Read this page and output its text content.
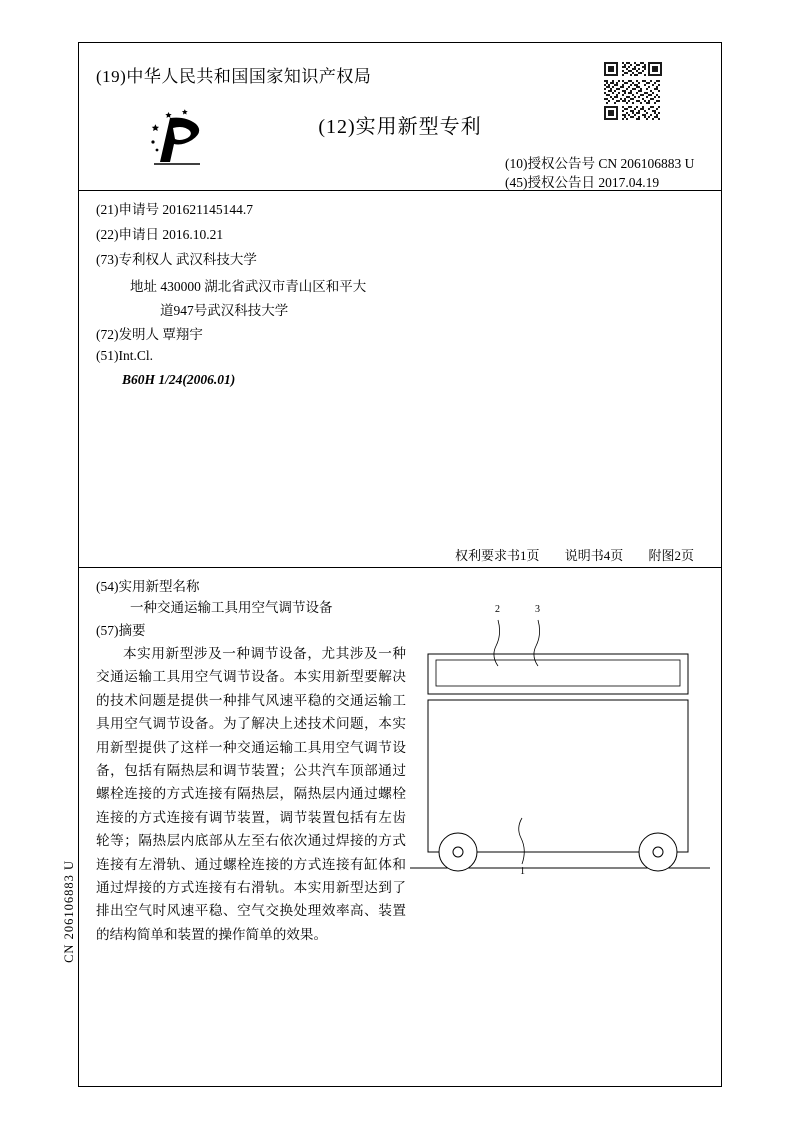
(19)中华人民共和国国家知识产权局
(12)实用新型专利
(10)授权公告号 CN 206106883 U
(45)授权公告日 2017.04.19
(21)申请号 201621145144.7
(22)申请日 2016.10.21
(73)专利权人 武汉科技大学
地址 430000 湖北省武汉市青山区和平大
道947号武汉科技大学
(72)发明人 覃翔宇
(51)Int.Cl.
B60H 1/24(2006.01)
权利要求书1页 说明书4页 附图2页
(54)实用新型名称
一种交通运输工具用空气调节设备
(57)摘要
本实用新型涉及一种调节设备，尤其涉及一种交通运输工具用空气调节设备。本实用新型要解决的技术问题是提供一种排气风速平稳的交通运输工具用空气调节设备。为了解决上述技术问题，本实用新型提供了这样一种交通运输工具用空气调节设备，包括有隔热层和调节装置；公共汽车顶部通过螺栓连接的方式连接有隔热层，隔热层内通过螺栓连接的方式连接有调节装置，调节装置包括有左齿轮等；隔热层内底部从左至右依次通过焊接的方式连接有左滑轨、通过螺栓连接的方式连接有缸体和通过焊接的方式连接有右滑轨。本实用新型达到了排出空气时风速平稳、空气交换处理效率高、装置的结构简单和装置的操作简单的效果。
CN 206106883 U
2	3
1
